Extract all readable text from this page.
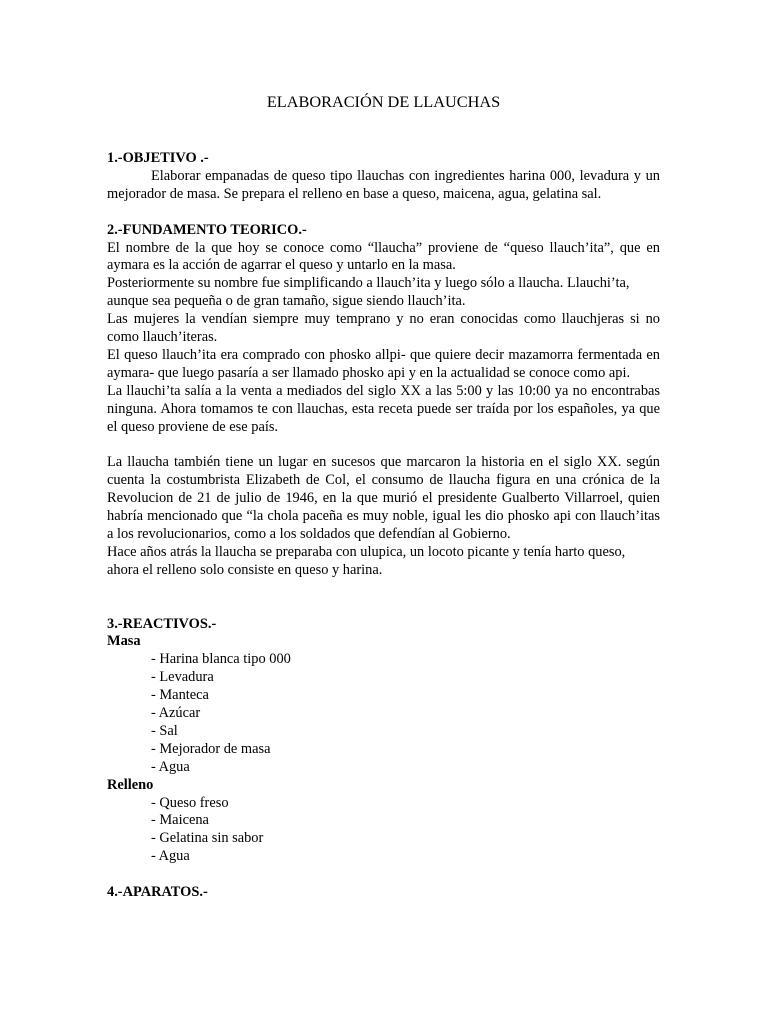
ELABORACIÓN DE LLAUCHAS

1.-OBJETIVO .-

Elaborar empanadas de queso tipo llauchas con ingredientes harina 000, levadura y un mejorador de masa. Se prepara el relleno en base a queso, maicena, agua, gelatina sal.

2.-FUNDAMENTO TEORICO.-

El nombre de la que hoy se conoce como “llaucha” proviene de “queso llauch’ita”, que en aymara es la acción de agarrar el queso y untarlo en la masa.

Posteriormente su nombre fue simplificando a llauch’ita y luego sólo a llaucha. Llauchi’ta, aunque sea pequeña o de gran tamaño, sigue siendo llauch’ita.

Las mujeres la vendían siempre muy temprano y no eran conocidas como llauchjeras si no como llauch’iteras.

El queso llauch’ita era comprado con phosko allpi- que quiere decir mazamorra fermentada en aymara- que luego pasaría a ser llamado phosko api y en la actualidad se conoce como api.

La llauchi’ta salía a la venta a mediados del siglo XX a las 5:00 y las 10:00 ya no encontrabas ninguna. Ahora tomamos te con llauchas, esta receta puede ser traída por los españoles, ya que el queso proviene de ese país.

La llaucha también tiene un lugar en sucesos que marcaron la historia en el siglo XX. según cuenta la costumbrista Elizabeth de Col, el consumo de llaucha figura en una crónica de la Revolucion de 21 de julio de 1946, en la que murió el presidente Gualberto Villarroel, quien habría mencionado que “la chola paceña es muy noble, igual les dio phosko api con llauch’itas a los revolucionarios, como a los soldados que defendían al Gobierno.

Hace años atrás la llaucha se preparaba con ulupica, un locoto picante y tenía harto queso, ahora el relleno solo consiste en queso y harina.

3.-REACTIVOS.-

Masa

- Harina blanca tipo 000
- Levadura
- Manteca
- Azúcar
- Sal
- Mejorador de masa
- Agua

Relleno

- Queso freso
- Maicena
- Gelatina sin sabor
- Agua

4.-APARATOS.-
